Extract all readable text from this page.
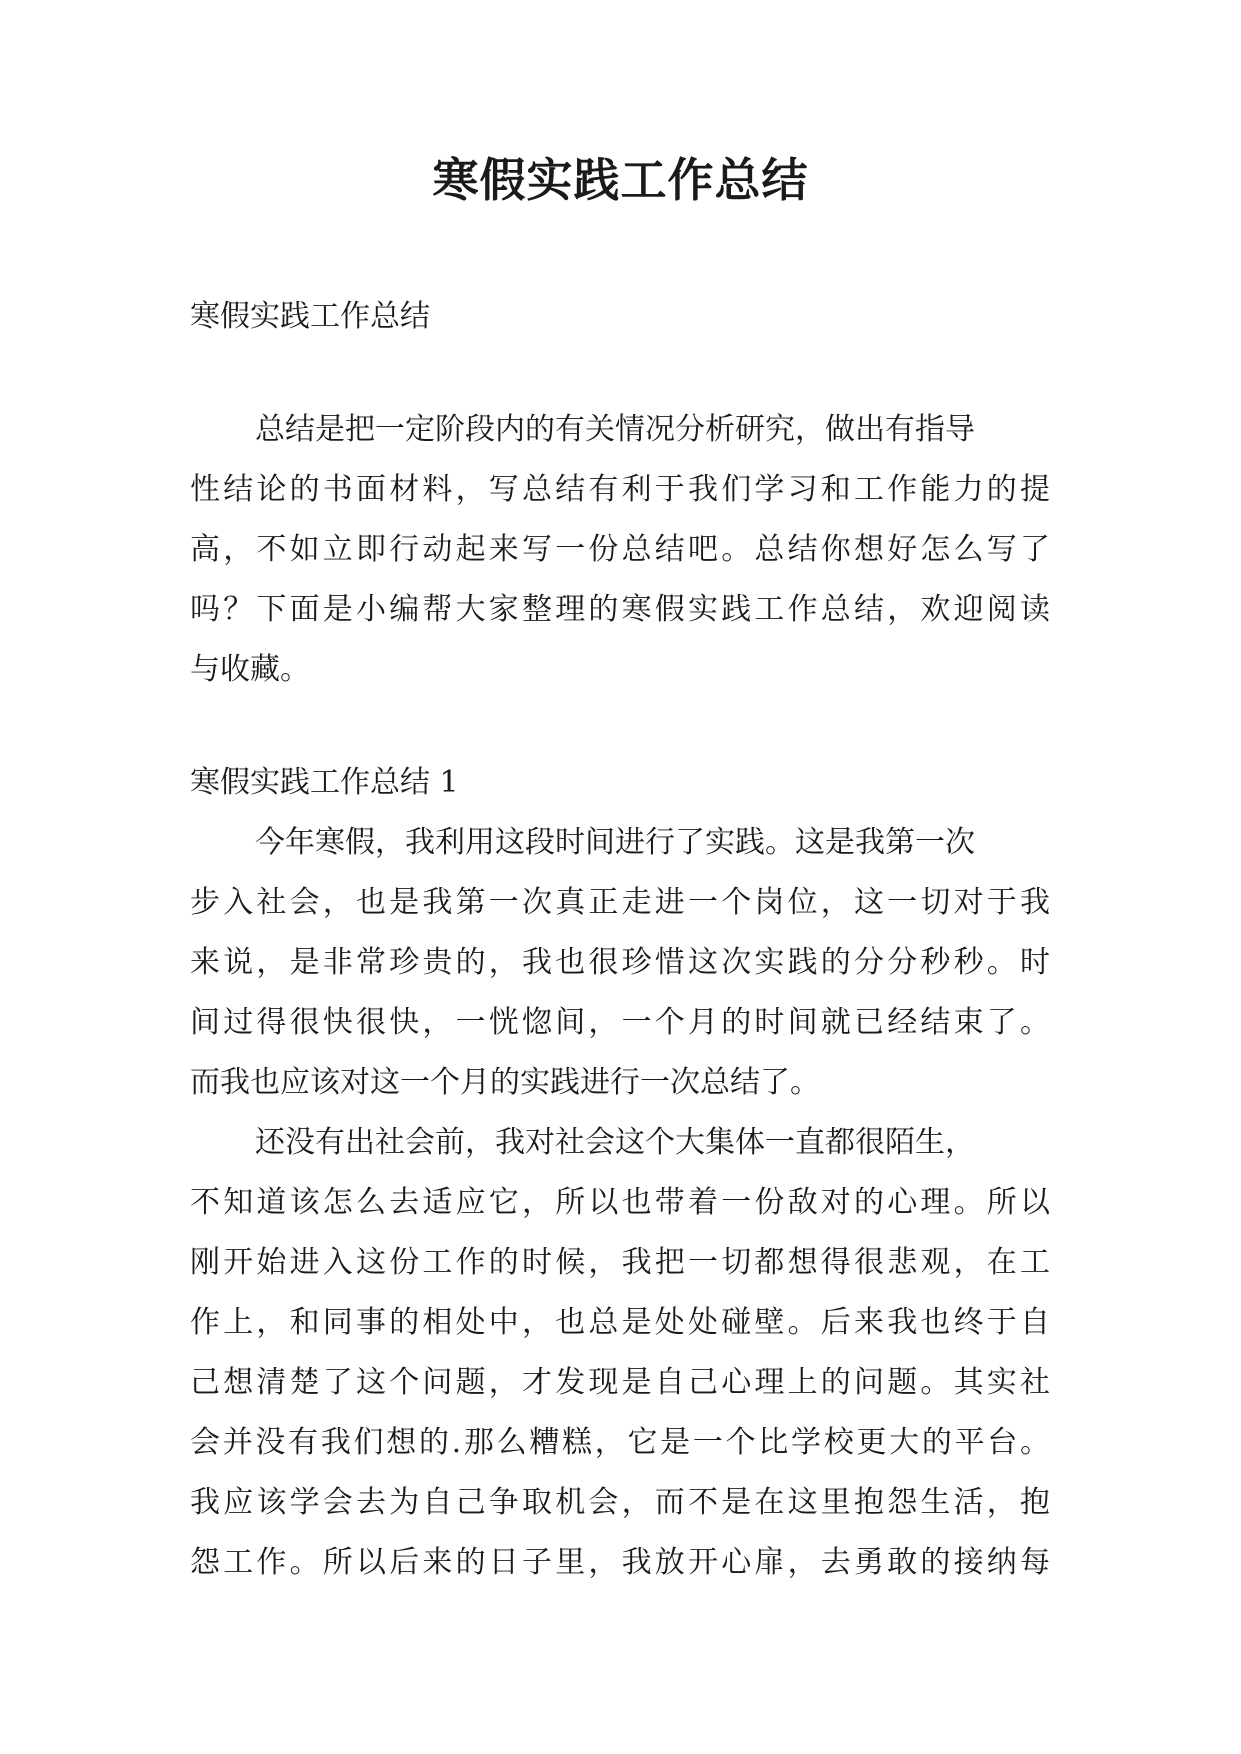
寒假实践工作总结

寒假实践工作总结

总结是把一定阶段内的有关情况分析研究，做出有指导

性结论的书面材料，写总结有利于我们学习和工作能力的提

高，不如立即行动起来写一份总结吧。总结你想好怎么写了

吗？下面是小编帮大家整理的寒假实践工作总结，欢迎阅读

与收藏。

寒假实践工作总结 1

今年寒假，我利用这段时间进行了实践。这是我第一次

步入社会，也是我第一次真正走进一个岗位，这一切对于我

来说，是非常珍贵的，我也很珍惜这次实践的分分秒秒。时

间过得很快很快，一恍惚间，一个月的时间就已经结束了。

而我也应该对这一个月的实践进行一次总结了。

还没有出社会前，我对社会这个大集体一直都很陌生，

不知道该怎么去适应它，所以也带着一份敌对的心理。所以

刚开始进入这份工作的时候，我把一切都想得很悲观，在工

作上，和同事的相处中，也总是处处碰壁。后来我也终于自

己想清楚了这个问题，才发现是自己心理上的问题。其实社

会并没有我们想的.那么糟糕，它是一个比学校更大的平台。

我应该学会去为自己争取机会，而不是在这里抱怨生活，抱

怨工作。所以后来的日子里，我放开心扉，去勇敢的接纳每
